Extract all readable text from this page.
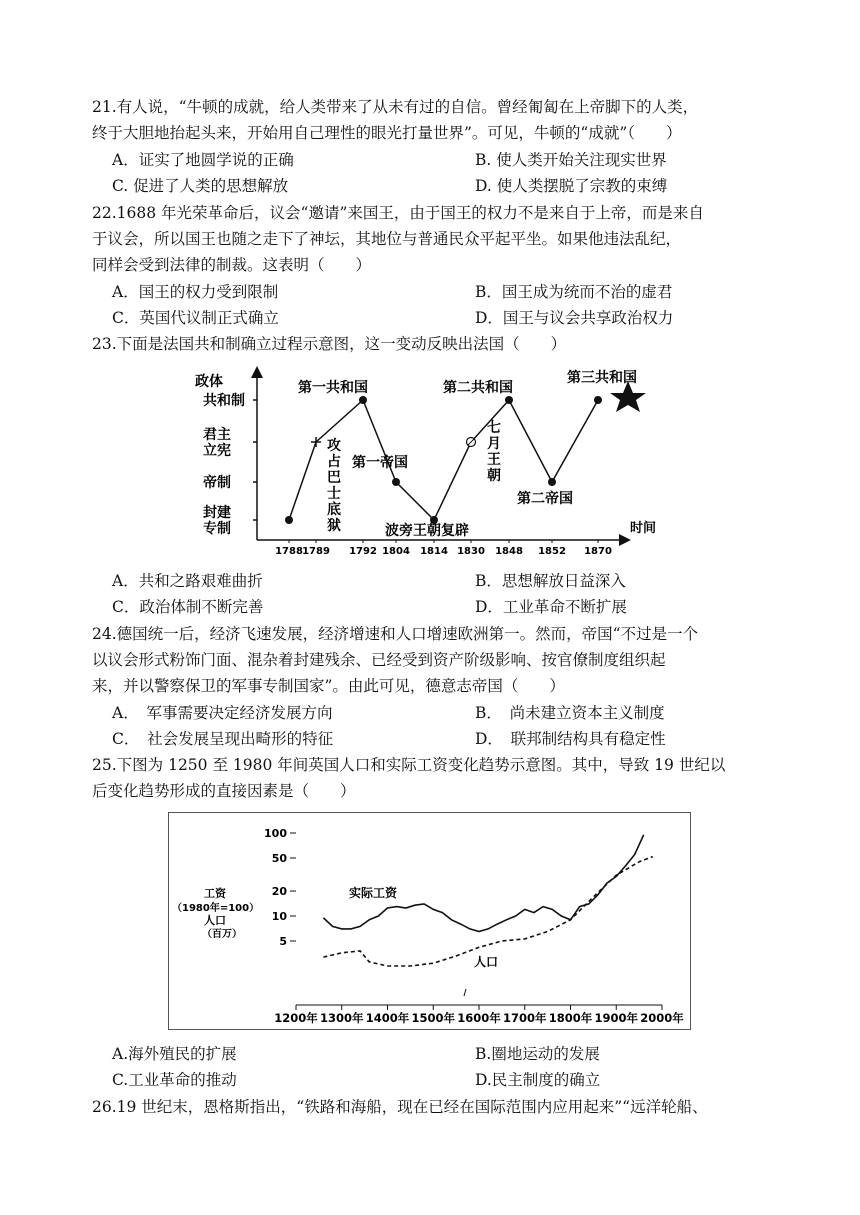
21.有人说，“牛顿的成就，给人类带来了从未有过的自信。曾经匍匐在上帝脚下的人类，
终于大胆地抬起头来，开始用自己理性的眼光打量世界”。可见，牛顿的“成就”（　　）
A．证实了地圆学说的正确	B. 使人类开始关注现实世界
C. 促进了人类的思想解放	D. 使人类摆脱了宗教的束缚
22.1688 年光荣革命后，议会“邀请”来国王，由于国王的权力不是来自于上帝，而是来自
于议会，所以国王也随之走下了神坛，其地位与普通民众平起平坐。如果他违法乱纪，
同样会受到法律的制裁。这表明（　　）
A．国王的权力受到限制	B．国王成为统而不治的虚君
C．英国代议制正式确立	D．国王与议会共享政治权力
23.下面是法国共和制确立过程示意图，这一变动反映出法国（　　）
政体
时间
封建
专制
帝制
君主
立宪
共和制
1788 1789 1792 1804 1814 1830 1848 1852 1870
第一共和国	第二共和国
第三共和国
第一帝国
第二帝国
波旁王朝复辟
攻占巴士底狱
七月王朝
A．共和之路艰难曲折	B．思想解放日益深入
C．政治体制不断完善	D．工业革命不断扩展
24.德国统一后，经济飞速发展，经济增速和人口增速欧洲第一。然而，帝国“不过是一个
以议会形式粉饰门面、混杂着封建残余、已经受到资产阶级影响、按官僚制度组织起
来，并以警察保卫的军事专制国家”。由此可见，德意志帝国（　　）
A．　军事需要决定经济发展方向	B．　尚未建立资本主义制度
C．　社会发展呈现出畸形的特征	D．　联邦制结构具有稳定性
25.下图为 1250 至 1980 年间英国人口和实际工资变化趋势示意图。其中，导致 19 世纪以
后变化趋势形成的直接因素是（　　）
100
50
20
10
5
1200年 1300年 1400年 1500年 1600年 1700年 1800年 1900年 2000年
工资
（1980年=100）
人口
（百万）
实际工资
人口
A.海外殖民的扩展	B.圈地运动的发展
C.工业革命的推动	D.民主制度的确立
26.19 世纪末，恩格斯指出，“铁路和海船，现在已经在国际范围内应用起来”“远洋轮船、
